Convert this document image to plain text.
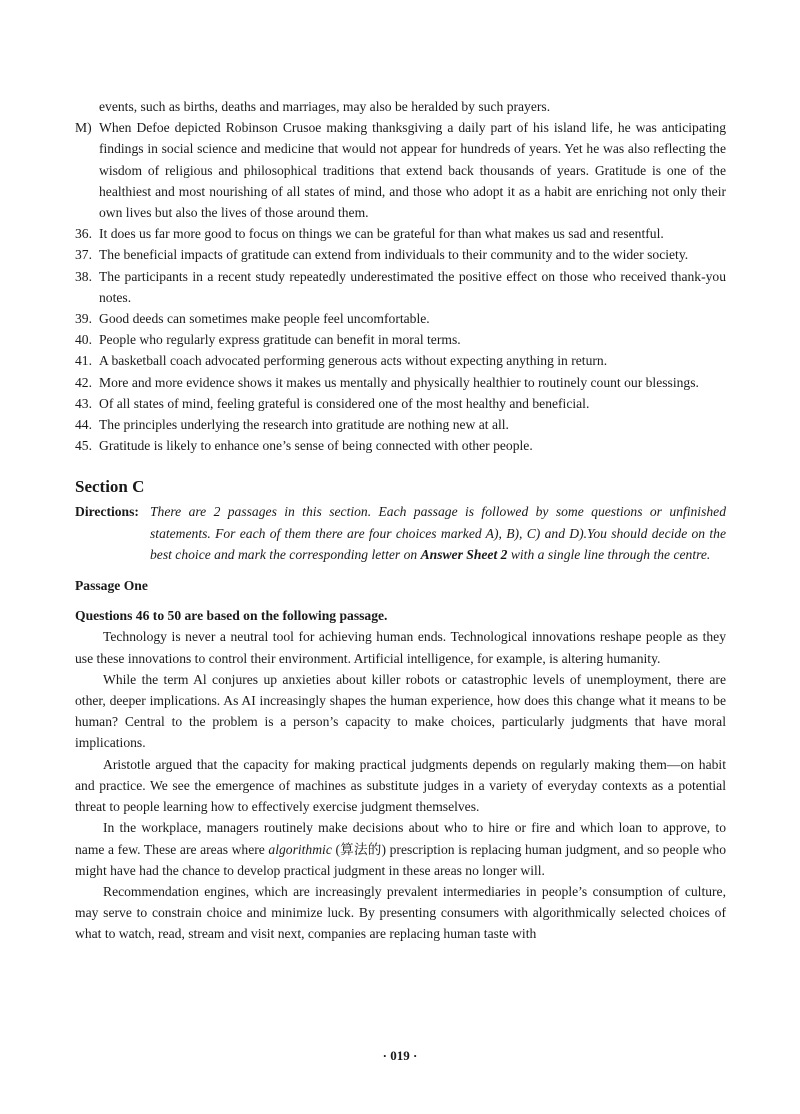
events, such as births, deaths and marriages, may also be heralded by such prayers.

M) When Defoe depicted Robinson Crusoe making thanksgiving a daily part of his island life, he was anticipating findings in social science and medicine that would not appear for hundreds of years. Yet he was also reflecting the wisdom of religious and philosophical traditions that extend back thousands of years. Gratitude is one of the healthiest and most nourishing of all states of mind, and those who adopt it as a habit are enriching not only their own lives but also the lives of those around them.
36. It does us far more good to focus on things we can be grateful for than what makes us sad and resentful.
37. The beneficial impacts of gratitude can extend from individuals to their community and to the wider society.
38. The participants in a recent study repeatedly underestimated the positive effect on those who received thank-you notes.
39. Good deeds can sometimes make people feel uncomfortable.
40. People who regularly express gratitude can benefit in moral terms.
41. A basketball coach advocated performing generous acts without expecting anything in return.
42. More and more evidence shows it makes us mentally and physically healthier to routinely count our blessings.
43. Of all states of mind, feeling grateful is considered one of the most healthy and beneficial.
44. The principles underlying the research into gratitude are nothing new at all.
45. Gratitude is likely to enhance one’s sense of being connected with other people.
Section C
Directions: There are 2 passages in this section. Each passage is followed by some questions or unfinished statements. For each of them there are four choices marked A), B), C) and D).You should decide on the best choice and mark the corresponding letter on Answer Sheet 2 with a single line through the centre.
Passage One
Questions 46 to 50 are based on the following passage.

Technology is never a neutral tool for achieving human ends. Technological innovations reshape people as they use these innovations to control their environment. Artificial intelligence, for example, is altering humanity.

While the term Al conjures up anxieties about killer robots or catastrophic levels of unemployment, there are other, deeper implications. As AI increasingly shapes the human experience, how does this change what it means to be human? Central to the problem is a person’s capacity to make choices, particularly judgments that have moral implications.

Aristotle argued that the capacity for making practical judgments depends on regularly making them—on habit and practice. We see the emergence of machines as substitute judges in a variety of everyday contexts as a potential threat to people learning how to effectively exercise judgment themselves.

In the workplace, managers routinely make decisions about who to hire or fire and which loan to approve, to name a few. These are areas where algorithmic (算法的) prescription is replacing human judgment, and so people who might have had the chance to develop practical judgment in these areas no longer will.

Recommendation engines, which are increasingly prevalent intermediaries in people’s consumption of culture, may serve to constrain choice and minimize luck. By presenting consumers with algorithmically selected choices of what to watch, read, stream and visit next, companies are replacing human taste with

· 019 ·
